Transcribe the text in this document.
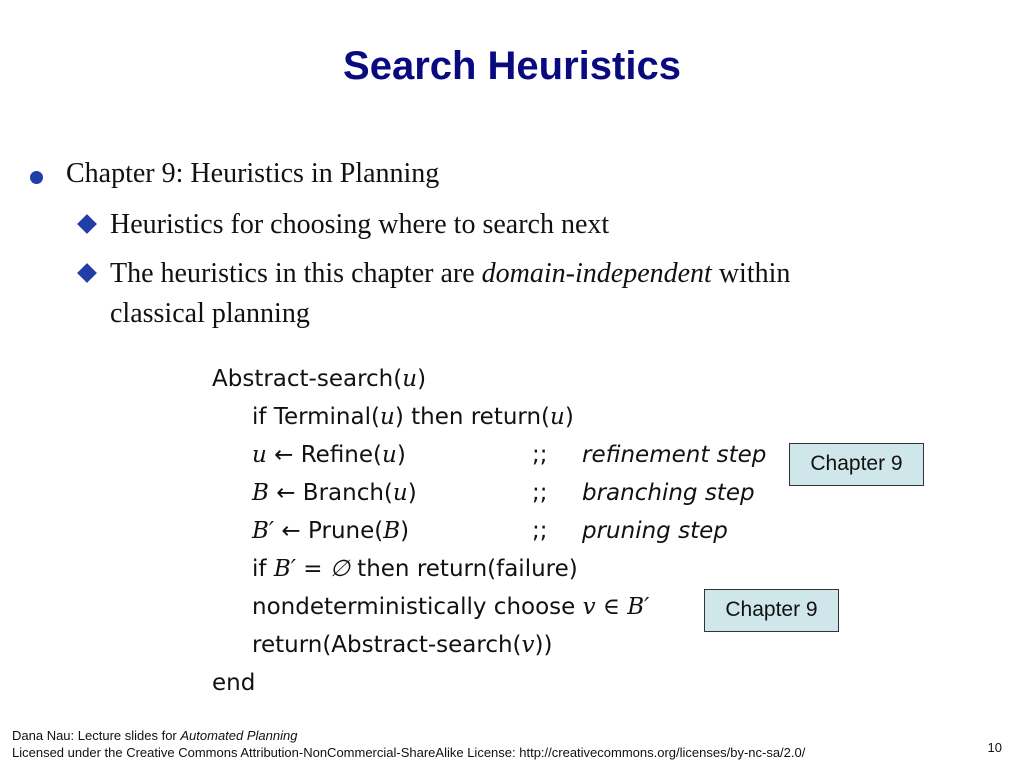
Search Heuristics
Chapter 9: Heuristics in Planning
Heuristics for choosing where to search next
The heuristics in this chapter are domain-independent within
classical planning
Abstract-search(u)
if Terminal(u) then return(u)
u ← Refine(u)	;; refinement step
B ← Branch(u)	;; branching step
B′ ← Prune(B)	;; pruning step
if B′ = ∅ then return(failure)
nondeterministically choose v ∈ B′
return(Abstract-search(v))
end
Chapter 9
Chapter 9
Dana Nau: Lecture slides for Automated Planning
Licensed under the Creative Commons Attribution-NonCommercial-ShareAlike License: http://creativecommons.org/licenses/by-nc-sa/2.0/	10
